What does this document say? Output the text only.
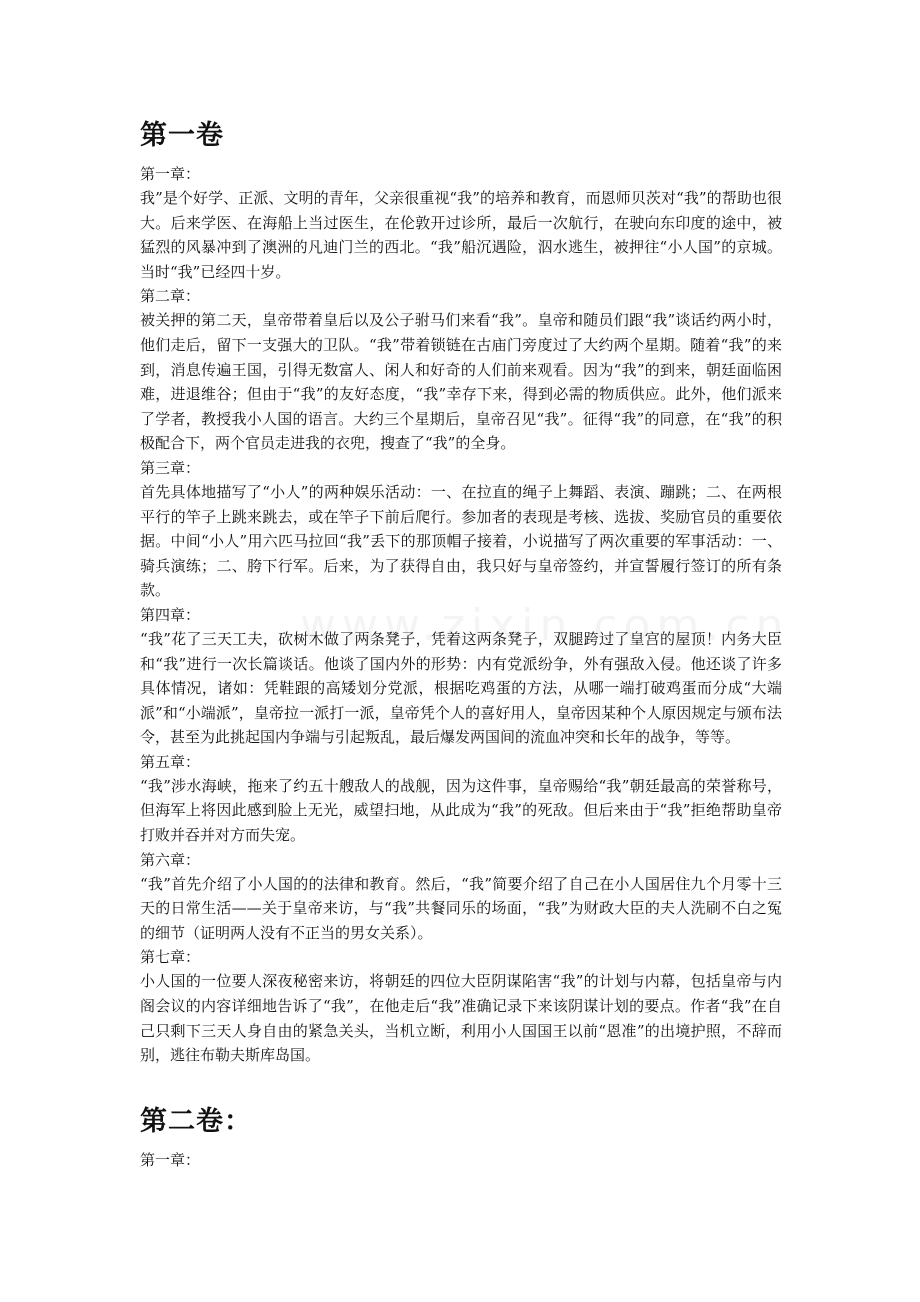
第一卷

第一章：

我”是个好学、正派、文明的青年，父亲很重视“我”的培养和教育，而恩师贝茨对“我”的帮助也很大。后来学医、在海船上当过医生，在伦敦开过诊所，最后一次航行，在驶向东印度的途中，被猛烈的风暴冲到了澳洲的凡迪门兰的西北。“我”船沉遇险，泅水逃生，被押往“小人国”的京城。当时“我”已经四十岁。

第二章：

被关押的第二天，皇帝带着皇后以及公子驸马们来看“我”。皇帝和随员们跟“我”谈话约两小时，他们走后，留下一支强大的卫队。“我”带着锁链在古庙门旁度过了大约两个星期。随着“我”的来到，消息传遍王国，引得无数富人、闲人和好奇的人们前来观看。因为“我”的到来，朝廷面临困难，进退维谷；但由于“我”的友好态度，“我”幸存下来，得到必需的物质供应。此外，他们派来了学者，教授我小人国的语言。大约三个星期后，皇帝召见“我”。征得“我”的同意，在“我”的积极配合下，两个官员走进我的衣兜，搜查了“我”的全身。

第三章：

首先具体地描写了“小人”的两种娱乐活动：一、在拉直的绳子上舞蹈、表演、蹦跳；二、在两根平行的竿子上跳来跳去，或在竿子下前后爬行。参加者的表现是考核、选拔、奖励官员的重要依据。中间“小人”用六匹马拉回“我”丢下的那顶帽子接着，小说描写了两次重要的军事活动：一、骑兵演练；二、胯下行军。后来，为了获得自由，我只好与皇帝签约，并宣誓履行签订的所有条款。

第四章：

“我”花了三天工夫，砍树木做了两条凳子，凭着这两条凳子，双腿跨过了皇宫的屋顶！内务大臣和“我”进行一次长篇谈话。他谈了国内外的形势：内有党派纷争，外有强敌入侵。他还谈了许多具体情况，诸如：凭鞋跟的高矮划分党派，根据吃鸡蛋的方法，从哪一端打破鸡蛋而分成“大端派”和“小端派”，皇帝拉一派打一派，皇帝凭个人的喜好用人，皇帝因某种个人原因规定与颁布法令，甚至为此挑起国内争端与引起叛乱，最后爆发两国间的流血冲突和长年的战争，等等。

第五章：

“我”涉水海峡，拖来了约五十艘敌人的战舰，因为这件事，皇帝赐给“我”朝廷最高的荣誉称号，但海军上将因此感到脸上无光，威望扫地，从此成为“我”的死敌。但后来由于“我”拒绝帮助皇帝打败并吞并对方而失宠。

第六章：

“我”首先介绍了小人国的的法律和教育。然后，“我”简要介绍了自己在小人国居住九个月零十三天的日常生活——关于皇帝来访，与“我”共餐同乐的场面，“我”为财政大臣的夫人洗刷不白之冤的细节（证明两人没有不正当的男女关系）。

第七章：

小人国的一位要人深夜秘密来访，将朝廷的四位大臣阴谋陷害“我”的计划与内幕，包括皇帝与内阁会议的内容详细地告诉了“我”，在他走后“我”准确记录下来该阴谋计划的要点。作者“我”在自己只剩下三天人身自由的紧急关头，当机立断，利用小人国国王以前“恩准”的出境护照，不辞而别，逃往布勒夫斯库岛国。

第二卷：

第一章：
